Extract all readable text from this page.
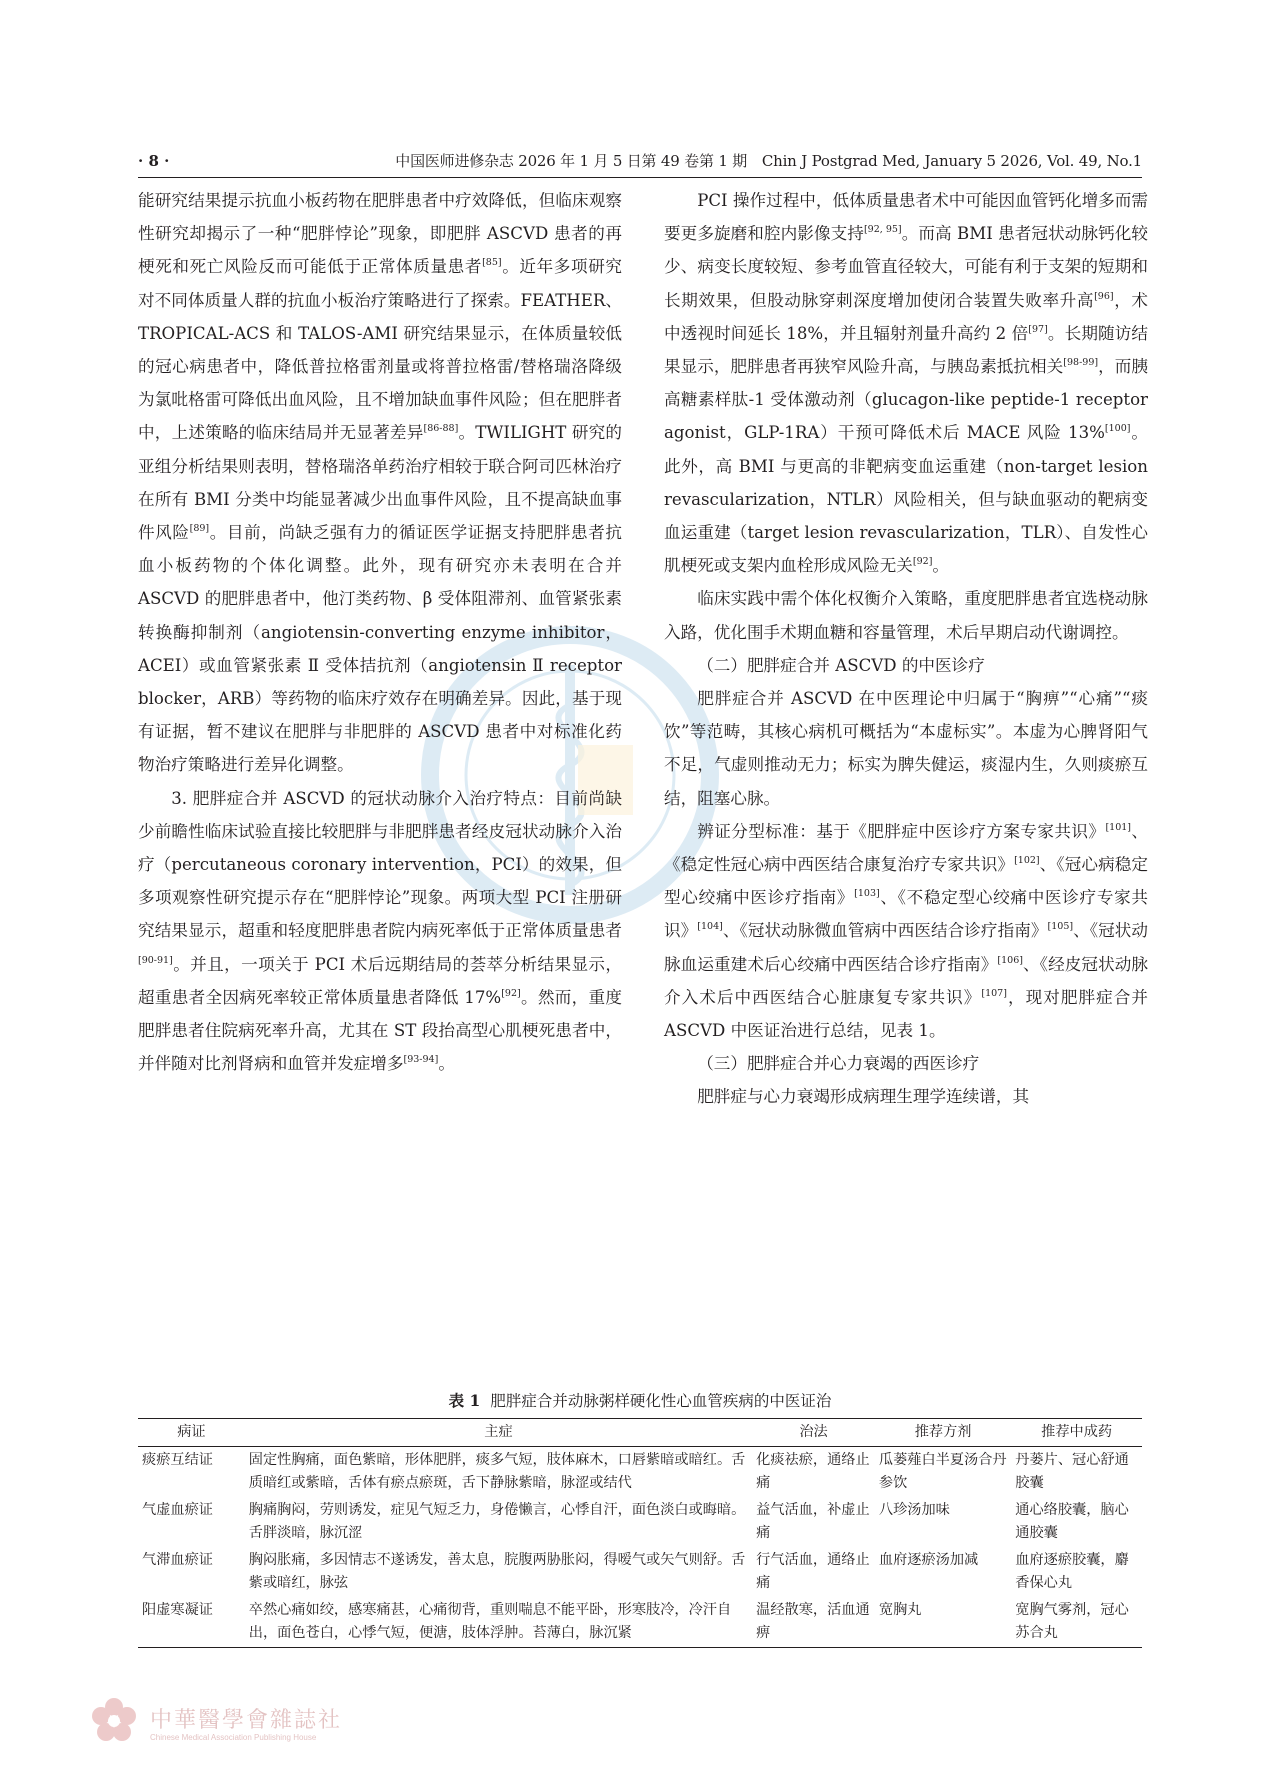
· 8 ·	中国医师进修杂志 2026 年 1 月 5 日第 49 卷第 1 期　Chin J Postgrad Med, January 5 2026, Vol. 49, No.1

能研究结果提示抗血小板药物在肥胖患者中疗效降低，但临床观察性研究却揭示了一种“肥胖悖论”现象，即肥胖 ASCVD 患者的再梗死和死亡风险反而可能低于正常体质量患者[85]。近年多项研究对不同体质量人群的抗血小板治疗策略进行了探索。FEATHER、TROPICAL-ACS 和 TALOS-AMI 研究结果显示，在体质量较低的冠心病患者中，降低普拉格雷剂量或将普拉格雷/替格瑞洛降级为氯吡格雷可降低出血风险，且不增加缺血事件风险；但在肥胖者中，上述策略的临床结局并无显著差异[86-88]。TWILIGHT 研究的亚组分析结果则表明，替格瑞洛单药治疗相较于联合阿司匹林治疗在所有 BMI 分类中均能显著减少出血事件风险，且不提高缺血事件风险[89]。目前，尚缺乏强有力的循证医学证据支持肥胖患者抗血小板药物的个体化调整。此外，现有研究亦未表明在合并 ASCVD 的肥胖患者中，他汀类药物、β 受体阻滞剂、血管紧张素转换酶抑制剂（angiotensin-converting enzyme inhibitor，ACEI）或血管紧张素 Ⅱ 受体拮抗剂（angiotensin Ⅱ receptor blocker，ARB）等药物的临床疗效存在明确差异。因此，基于现有证据，暂不建议在肥胖与非肥胖的 ASCVD 患者中对标准化药物治疗策略进行差异化调整。

3. 肥胖症合并 ASCVD 的冠状动脉介入治疗特点：目前尚缺少前瞻性临床试验直接比较肥胖与非肥胖患者经皮冠状动脉介入治疗（percutaneous coronary intervention，PCI）的效果，但多项观察性研究提示存在“肥胖悖论”现象。两项大型 PCI 注册研究结果显示，超重和轻度肥胖患者院内病死率低于正常体质量患者[90-91]。并且，一项关于 PCI 术后远期结局的荟萃分析结果显示，超重患者全因病死率较正常体质量患者降低 17%[92]。然而，重度肥胖患者住院病死率升高，尤其在 ST 段抬高型心肌梗死患者中，并伴随对比剂肾病和血管并发症增多[93-94]。

PCI 操作过程中，低体质量患者术中可能因血管钙化增多而需要更多旋磨和腔内影像支持[92, 95]。而高 BMI 患者冠状动脉钙化较少、病变长度较短、参考血管直径较大，可能有利于支架的短期和长期效果，但股动脉穿刺深度增加使闭合装置失败率升高[96]，术中透视时间延长 18%，并且辐射剂量升高约 2 倍[97]。长期随访结果显示，肥胖患者再狭窄风险升高，与胰岛素抵抗相关[98-99]，而胰高糖素样肽-1 受体激动剂（glucagon-like peptide-1 receptor agonist，GLP-1RA）干预可降低术后 MACE 风险 13%[100]。此外，高 BMI 与更高的非靶病变血运重建（non-target lesion revascularization，NTLR）风险相关，但与缺血驱动的靶病变血运重建（target lesion revascularization，TLR）、自发性心肌梗死或支架内血栓形成风险无关[92]。

临床实践中需个体化权衡介入策略，重度肥胖患者宜选桡动脉入路，优化围手术期血糖和容量管理，术后早期启动代谢调控。

（二）肥胖症合并 ASCVD 的中医诊疗

肥胖症合并 ASCVD 在中医理论中归属于“胸痹”“心痛”“痰饮”等范畴，其核心病机可概括为“本虚标实”。本虚为心脾肾阳气不足，气虚则推动无力；标实为脾失健运，痰湿内生，久则痰瘀互结，阻塞心脉。

辨证分型标准：基于《肥胖症中医诊疗方案专家共识》[101]、《稳定性冠心病中西医结合康复治疗专家共识》[102]、《冠心病稳定型心绞痛中医诊疗指南》[103]、《不稳定型心绞痛中医诊疗专家共识》[104]、《冠状动脉微血管病中西医结合诊疗指南》[105]、《冠状动脉血运重建术后心绞痛中西医结合诊疗指南》[106]、《经皮冠状动脉介入术后中西医结合心脏康复专家共识》[107]，现对肥胖症合并 ASCVD 中医证治进行总结，见表 1。

（三）肥胖症合并心力衰竭的西医诊疗

肥胖症与心力衰竭形成病理生理学连续谱，其

表 1 肥胖症合并动脉粥样硬化性心血管疾病的中医证治
病证	主症	治法	推荐方剂	推荐中成药
痰瘀互结证	固定性胸痛，面色紫暗，形体肥胖，痰多气短，肢体麻木，口唇紫暗或暗红。舌质暗红或紫暗，舌体有瘀点瘀斑，舌下静脉紫暗，脉涩或结代	化痰祛瘀，通络止痛	瓜蒌薤白半夏汤合丹参饮	丹蒌片、冠心舒通胶囊
气虚血瘀证	胸痛胸闷，劳则诱发，症见气短乏力，身倦懒言，心悸自汗，面色淡白或晦暗。舌胖淡暗，脉沉涩	益气活血，补虚止痛	八珍汤加味	通心络胶囊，脑心通胶囊
气滞血瘀证	胸闷胀痛，多因情志不遂诱发，善太息，脘腹两胁胀闷，得嗳气或矢气则舒。舌紫或暗红，脉弦	行气活血，通络止痛	血府逐瘀汤加减	血府逐瘀胶囊，麝香保心丸
阳虚寒凝证	卒然心痛如绞，感寒痛甚，心痛彻背，重则喘息不能平卧，形寒肢冷，冷汗自出，面色苍白，心悸气短，便溏，肢体浮肿。苔薄白，脉沉紧	温经散寒，活血通痹	宽胸丸	宽胸气雾剂，冠心苏合丸
中華醫學會雜誌社
Chinese Medical Association Publishing House
